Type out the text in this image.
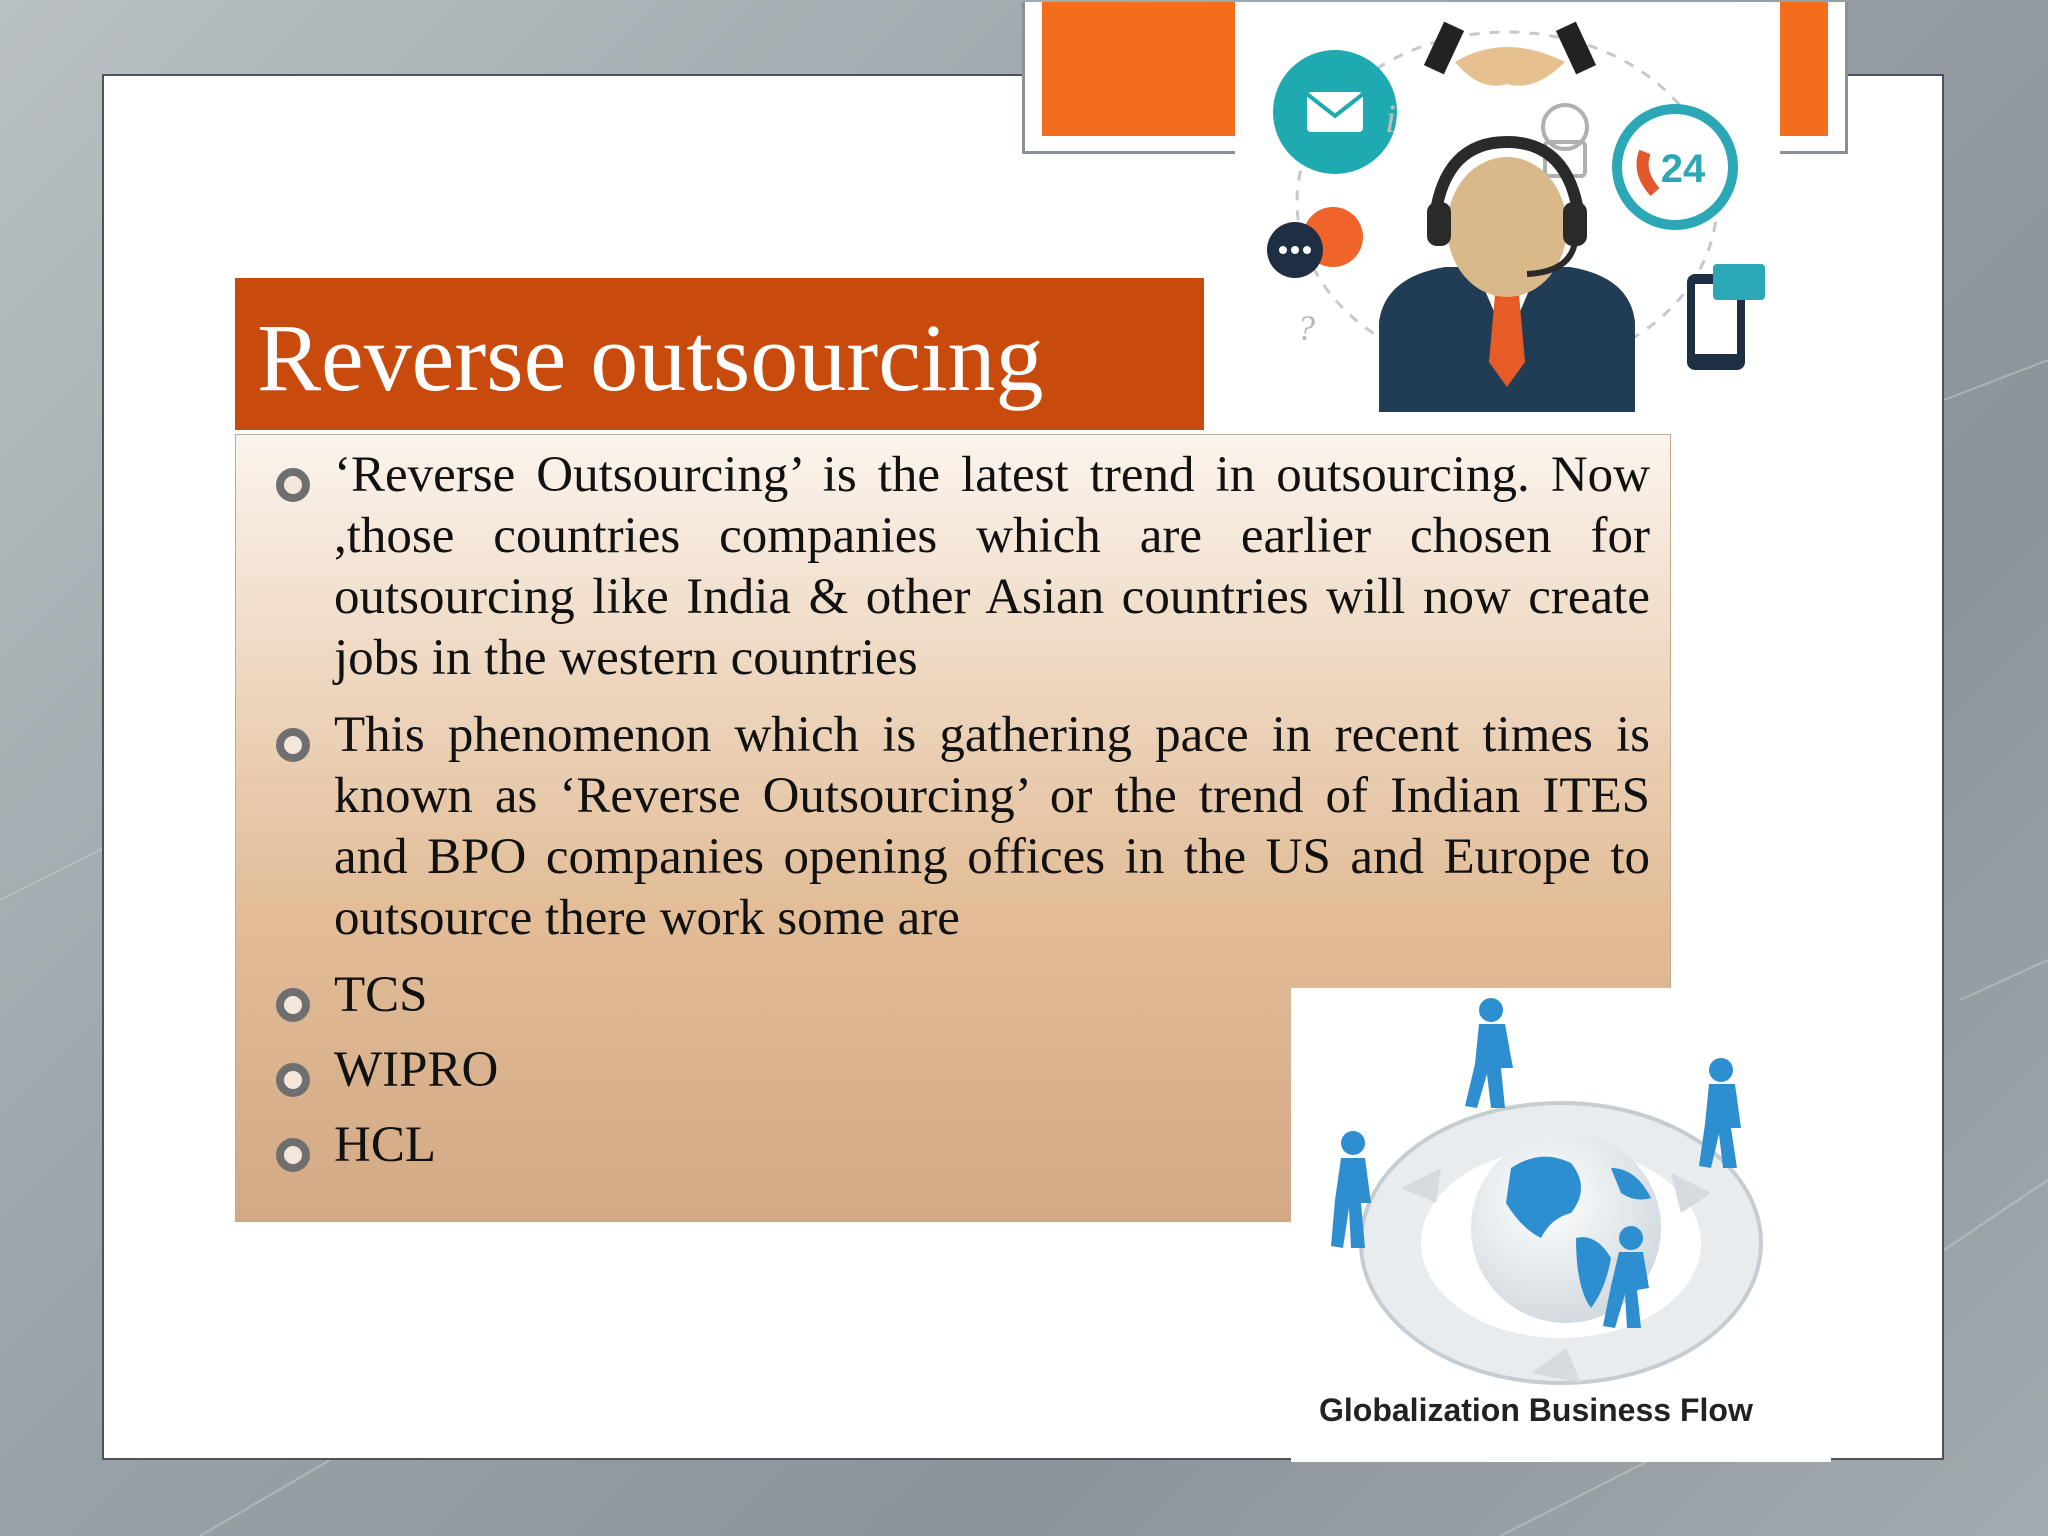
24
i
?
Reverse outsourcing
‘Reverse Outsourcing’ is the latest trend in outsourcing. Now ,those countries companies which are earlier chosen for outsourcing like India & other Asian countries will now create jobs in the western countries
This phenomenon which is gathering pace in recent times is known as ‘Reverse Outsourcing’ or the trend of Indian ITES and BPO companies opening offices in the US and Europe to outsource there work some are
TCS
WIPRO
HCL
Globalization Business Flow
